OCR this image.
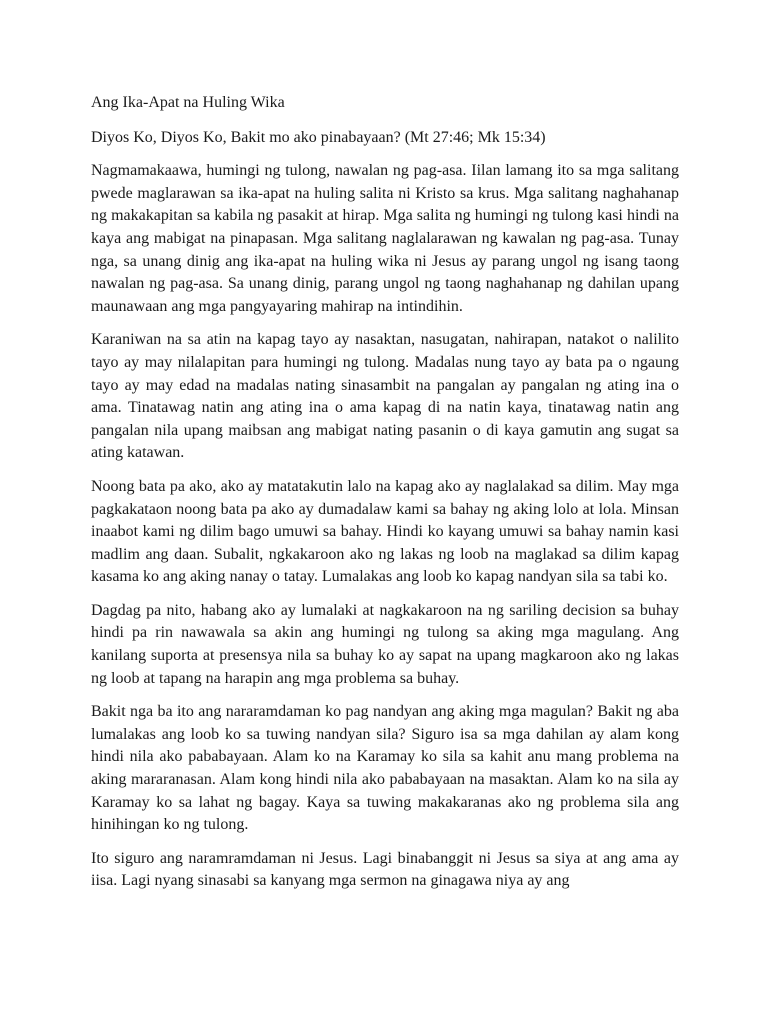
Ang Ika-Apat na Huling Wika

Diyos Ko, Diyos Ko, Bakit mo ako pinabayaan? (Mt 27:46; Mk 15:34)

Nagmamakaawa, humingi ng tulong, nawalan ng pag-asa. Iilan lamang ito sa mga salitang pwede maglarawan sa ika-apat na huling salita ni Kristo sa krus. Mga salitang naghahanap ng makakapitan sa kabila ng pasakit at hirap. Mga salita ng humingi ng tulong kasi hindi na kaya ang mabigat na pinapasan. Mga salitang naglalarawan ng kawalan ng pag-asa. Tunay nga, sa unang dinig ang ika-apat na huling wika ni Jesus ay parang ungol ng isang taong nawalan ng pag-asa. Sa unang dinig, parang ungol ng taong naghahanap ng dahilan upang maunawaan ang mga pangyayaring mahirap na intindihin.

Karaniwan na sa atin na kapag tayo ay nasaktan, nasugatan, nahirapan, natakot o nalilito tayo ay may nilalapitan para humingi ng tulong. Madalas nung tayo ay bata pa o ngaung tayo ay may edad na madalas nating sinasambit na pangalan ay pangalan ng ating ina o ama. Tinatawag natin ang ating ina o ama kapag di na natin kaya, tinatawag natin ang pangalan nila upang maibsan ang mabigat nating pasanin o di kaya gamutin ang sugat sa ating katawan.

Noong bata pa ako, ako ay matatakutin lalo na kapag ako ay naglalakad sa dilim. May mga pagkakataon noong bata pa ako ay dumadalaw kami sa bahay ng aking lolo at lola. Minsan inaabot kami ng dilim bago umuwi sa bahay. Hindi ko kayang umuwi sa bahay namin kasi madlim ang daan. Subalit, ngkakaroon ako ng lakas ng loob na maglakad sa dilim kapag kasama ko ang aking nanay o tatay. Lumalakas ang loob ko kapag nandyan sila sa tabi ko.

Dagdag pa nito, habang ako ay lumalaki at nagkakaroon na ng sariling decision sa buhay hindi pa rin nawawala sa akin ang humingi ng tulong sa aking mga magulang. Ang kanilang suporta at presensya nila sa buhay ko ay sapat na upang magkaroon ako ng lakas ng loob at tapang na harapin ang mga problema sa buhay.

Bakit nga ba ito ang nararamdaman ko pag nandyan ang aking mga magulan? Bakit ng aba lumalakas ang loob ko sa tuwing nandyan sila? Siguro isa sa mga dahilan ay alam kong hindi nila ako pababayaan. Alam ko na Karamay ko sila sa kahit anu mang problema na aking mararanasan. Alam kong hindi nila ako pababayaan na masaktan. Alam ko na sila ay Karamay ko sa lahat ng bagay. Kaya sa tuwing makakaranas ako ng problema sila ang hinihingan ko ng tulong.

Ito siguro ang naramramdaman ni Jesus. Lagi binabanggit ni Jesus sa siya at ang ama ay iisa. Lagi nyang sinasabi sa kanyang mga sermon na ginagawa niya ay ang
